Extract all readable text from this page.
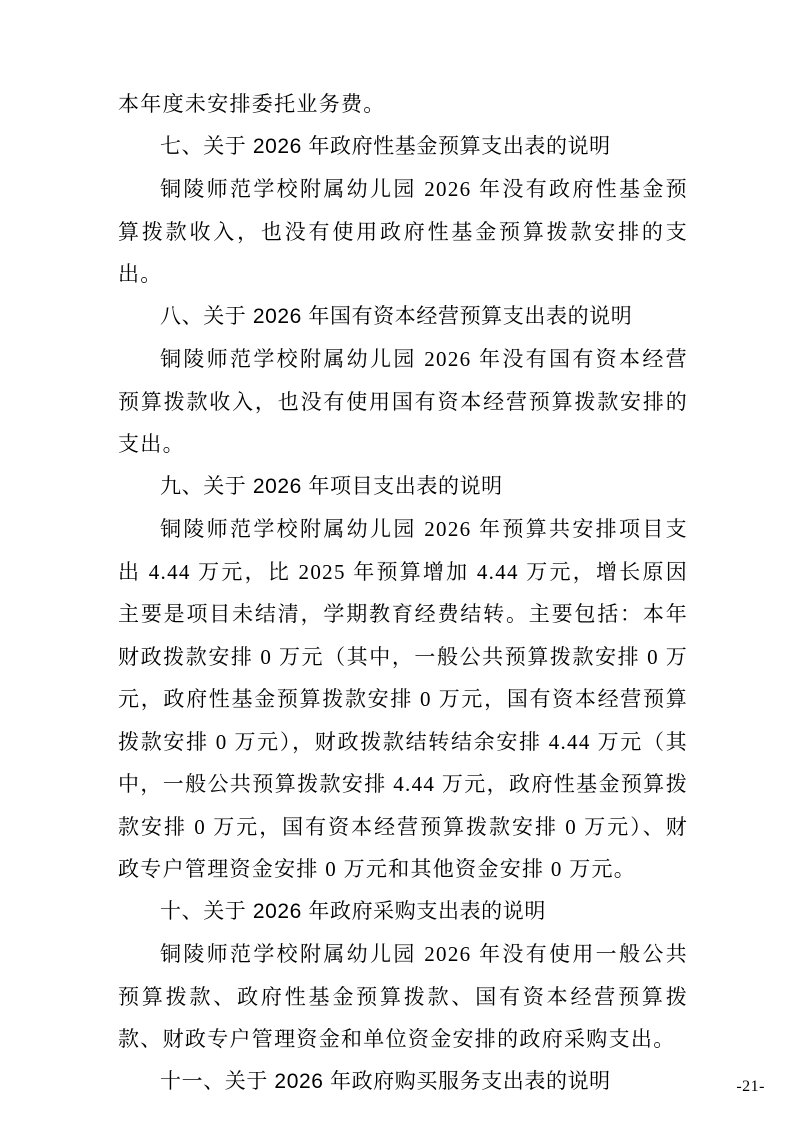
本年度未安排委托业务费。

七、关于 2026 年政府性基金预算支出表的说明

铜陵师范学校附属幼儿园 2026 年没有政府性基金预算拨款收入，也没有使用政府性基金预算拨款安排的支出。

八、关于 2026 年国有资本经营预算支出表的说明

铜陵师范学校附属幼儿园 2026 年没有国有资本经营预算拨款收入，也没有使用国有资本经营预算拨款安排的支出。

九、关于 2026 年项目支出表的说明

铜陵师范学校附属幼儿园 2026 年预算共安排项目支出 4.44 万元，比 2025 年预算增加 4.44 万元，增长原因主要是项目未结清，学期教育经费结转。主要包括：本年财政拨款安排 0 万元（其中，一般公共预算拨款安排 0 万元，政府性基金预算拨款安排 0 万元，国有资本经营预算拨款安排 0 万元），财政拨款结转结余安排 4.44 万元（其中，一般公共预算拨款安排 4.44 万元，政府性基金预算拨款安排 0 万元，国有资本经营预算拨款安排 0 万元）、财政专户管理资金安排 0 万元和其他资金安排 0 万元。

十、关于 2026 年政府采购支出表的说明

铜陵师范学校附属幼儿园 2026 年没有使用一般公共预算拨款、政府性基金预算拨款、国有资本经营预算拨款、财政专户管理资金和单位资金安排的政府采购支出。

十一、关于 2026 年政府购买服务支出表的说明	-21-
